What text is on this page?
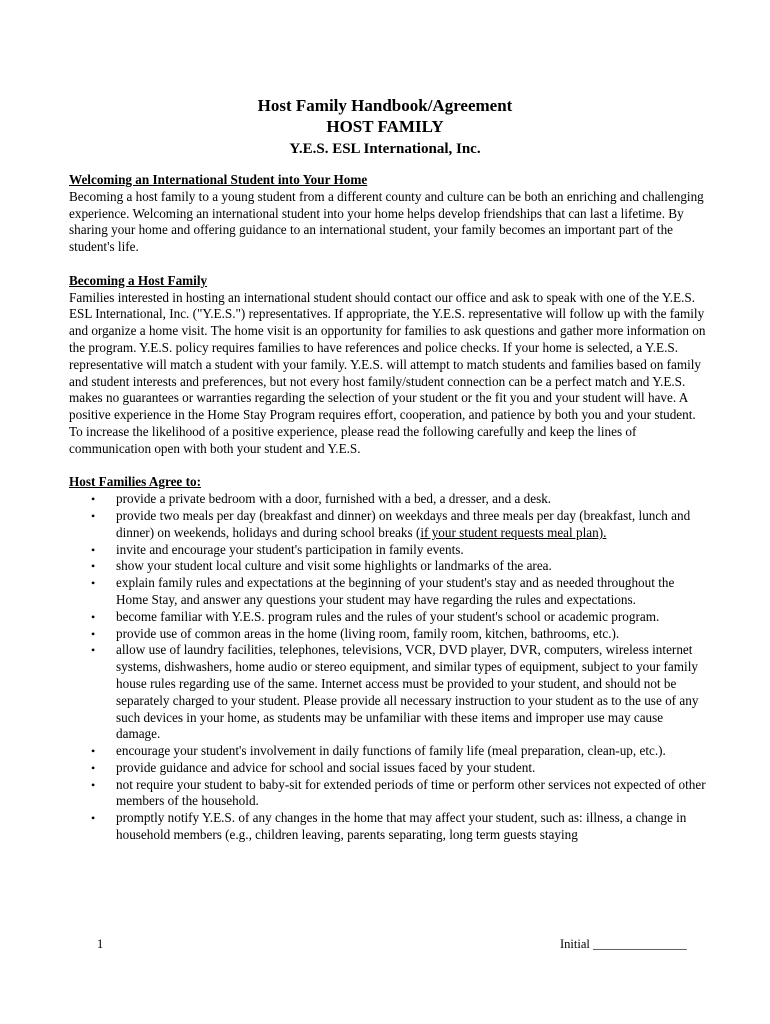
Host Family Handbook/Agreement
HOST FAMILY
Y.E.S. ESL International, Inc.
Welcoming an International Student into Your Home

Becoming a host family to a young student from a different county and culture can be both an enriching and challenging experience. Welcoming an international student into your home helps develop friendships that can last a lifetime. By sharing your home and offering guidance to an international student, your family becomes an important part of the student's life.

Becoming a Host Family

Families interested in hosting an international student should contact our office and ask to speak with one of the Y.E.S. ESL International, Inc. ("Y.E.S.") representatives. If appropriate, the Y.E.S. representative will follow up with the family and organize a home visit. The home visit is an opportunity for families to ask questions and gather more information on the program. Y.E.S. policy requires families to have references and police checks. If your home is selected, a Y.E.S. representative will match a student with your family. Y.E.S. will attempt to match students and families based on family and student interests and preferences, but not every host family/student connection can be a perfect match and Y.E.S. makes no guarantees or warranties regarding the selection of your student or the fit you and your student will have. A positive experience in the Home Stay Program requires effort, cooperation, and patience by both you and your student. To increase the likelihood of a positive experience, please read the following carefully and keep the lines of communication open with both your student and Y.E.S.

Host Families Agree to:
• provide a private bedroom with a door, furnished with a bed, a dresser, and a desk.
• provide two meals per day (breakfast and dinner) on weekdays and three meals per day (breakfast, lunch and dinner) on weekends, holidays and during school breaks (if your student requests meal plan).
• invite and encourage your student's participation in family events.
• show your student local culture and visit some highlights or landmarks of the area.
• explain family rules and expectations at the beginning of your student's stay and as needed throughout the Home Stay, and answer any questions your student may have regarding the rules and expectations.
• become familiar with Y.E.S. program rules and the rules of your student's school or academic program.
• provide use of common areas in the home (living room, family room, kitchen, bathrooms, etc.).
• allow use of laundry facilities, telephones, televisions, VCR, DVD player, DVR, computers, wireless internet systems, dishwashers, home audio or stereo equipment, and similar types of equipment, subject to your family house rules regarding use of the same. Internet access must be provided to your student, and should not be separately charged to your student. Please provide all necessary instruction to your student as to the use of any such devices in your home, as students may be unfamiliar with these items and improper use may cause damage.
• encourage your student's involvement in daily functions of family life (meal preparation, clean-up, etc.).
• provide guidance and advice for school and social issues faced by your student.
• not require your student to baby-sit for extended periods of time or perform other services not expected of other members of the household.
• promptly notify Y.E.S. of any changes in the home that may affect your student, such as: illness, a change in household members (e.g., children leaving, parents separating, long term guests staying
1	Initial _______________
